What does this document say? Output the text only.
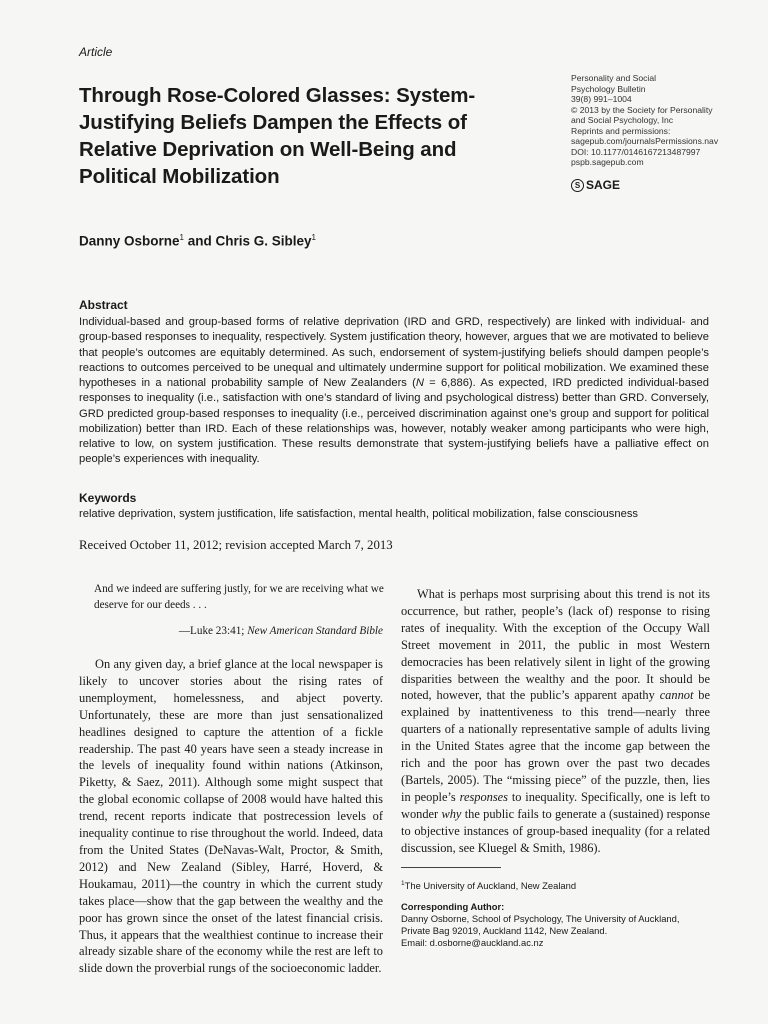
Article
Through Rose-Colored Glasses: System-Justifying Beliefs Dampen the Effects of Relative Deprivation on Well-Being and Political Mobilization
Personality and Social
Psychology Bulletin
39(8) 991–1004
© 2013 by the Society for Personality
and Social Psychology, Inc
Reprints and permissions:
sagepub.com/journalsPermissions.nav
DOI: 10.1177/0146167213487997
pspb.sagepub.com
S SAGE
Danny Osborne$^1$ and Chris G. Sibley$^1$
Abstract
Individual-based and group-based forms of relative deprivation (IRD and GRD, respectively) are linked with individual- and group-based responses to inequality, respectively. System justification theory, however, argues that we are motivated to believe that people’s outcomes are equitably determined. As such, endorsement of system-justifying beliefs should dampen people’s reactions to outcomes perceived to be unequal and ultimately undermine support for political mobilization. We examined these hypotheses in a national probability sample of New Zealanders (N = 6,886). As expected, IRD predicted individual-based responses to inequality (i.e., satisfaction with one’s standard of living and psychological distress) better than GRD. Conversely, GRD predicted group-based responses to inequality (i.e., perceived discrimination against one’s group and support for political mobilization) better than IRD. Each of these relationships was, however, notably weaker among participants who were high, relative to low, on system justification. These results demonstrate that system-justifying beliefs have a palliative effect on people’s experiences with inequality.
Keywords
relative deprivation, system justification, life satisfaction, mental health, political mobilization, false consciousness
Received October 11, 2012; revision accepted March 7, 2013
And we indeed are suffering justly, for we are receiving what we deserve for our deeds . . .
—Luke 23:41; New American Standard Bible

On any given day, a brief glance at the local newspaper is likely to uncover stories about the rising rates of unemployment, homelessness, and abject poverty. Unfortunately, these are more than just sensationalized headlines designed to capture the attention of a fickle readership. The past 40 years have seen a steady increase in the levels of inequality found within nations (Atkinson, Piketty, & Saez, 2011). Although some might suspect that the global economic collapse of 2008 would have halted this trend, recent reports indicate that postrecession levels of inequality continue to rise throughout the world. Indeed, data from the United States (DeNavas-Walt, Proctor, & Smith, 2012) and New Zealand (Sibley, Harré, Hoverd, & Houkamau, 2011)—the country in which the current study takes place—show that the gap between the wealthy and the poor has grown since the onset of the latest financial crisis. Thus, it appears that the wealthiest continue to increase their already sizable share of the economy while the rest are left to slide down the proverbial rungs of the socioeconomic ladder.

What is perhaps most surprising about this trend is not its occurrence, but rather, people’s (lack of) response to rising rates of inequality. With the exception of the Occupy Wall Street movement in 2011, the public in most Western democracies has been relatively silent in light of the growing disparities between the wealthy and the poor. It should be noted, however, that the public’s apparent apathy cannot be explained by inattentiveness to this trend—nearly three quarters of a nationally representative sample of adults living in the United States agree that the income gap between the rich and the poor has grown over the past two decades (Bartels, 2005). The “missing piece” of the puzzle, then, lies in people’s responses to inequality. Specifically, one is left to wonder why the public fails to generate a (sustained) response to objective instances of group-based inequality (for a related discussion, see Kluegel & Smith, 1986).

$^1$The University of Auckland, New Zealand
Corresponding Author:
Danny Osborne, School of Psychology, The University of Auckland,
Private Bag 92019, Auckland 1142, New Zealand.
Email: d.osborne@auckland.ac.nz
